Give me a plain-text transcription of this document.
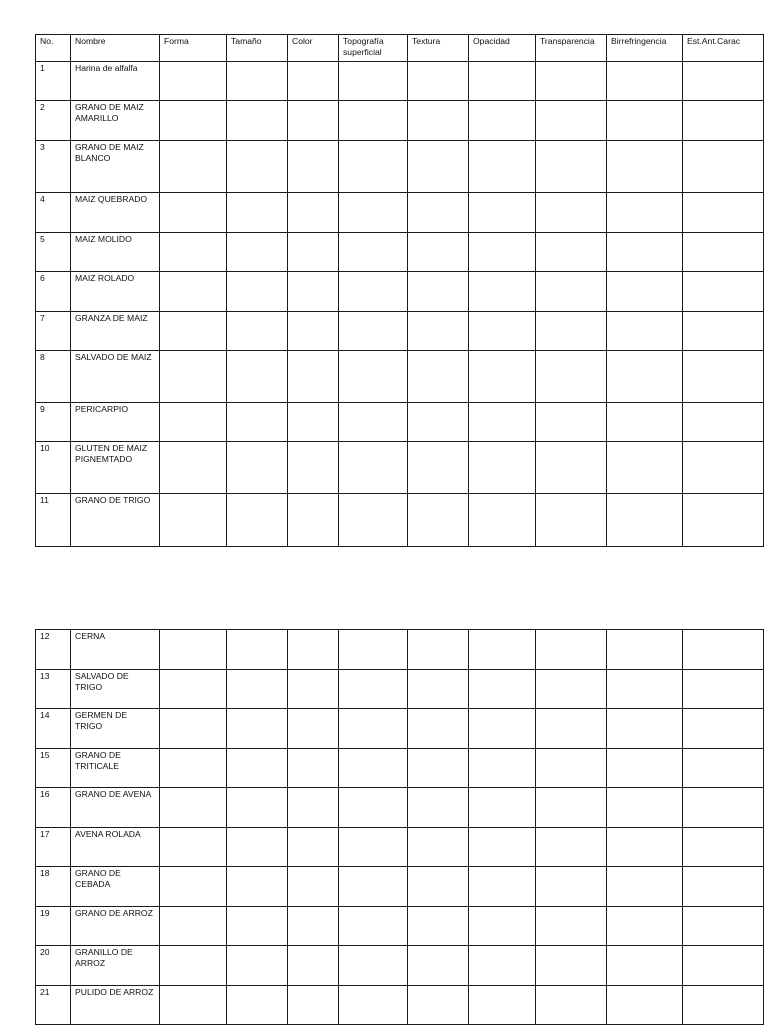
No.	Nombre	Forma	Tamaño	Color	Topografía superficial	Textura	Opacidad	Transparencia	Birrefringencia	Est.Ant.Carac
1	Harina de alfalfa									
2	GRANO DE MAIZ AMARILLO									
3	GRANO DE MAIZ BLANCO									
4	MAIZ QUEBRADO									
5	MAIZ MOLIDO									
6	MAIZ ROLADO									
7	GRANZA DE MAIZ									
8	SALVADO DE MAIZ									
9	PERICARPIO									
10	GLUTEN DE MAIZ PIGNEMTADO									
11	GRANO DE TRIGO									
12	CERNA									
13	SALVADO DE TRIGO									
14	GERMEN DE TRIGO									
15	GRANO DE TRITICALE									
16	GRANO DE AVENA									
17	AVENA ROLADA									
18	GRANO DE CEBADA									
19	GRANO DE ARROZ									
20	GRANILLO DE ARROZ									
21	PULIDO DE ARROZ									
